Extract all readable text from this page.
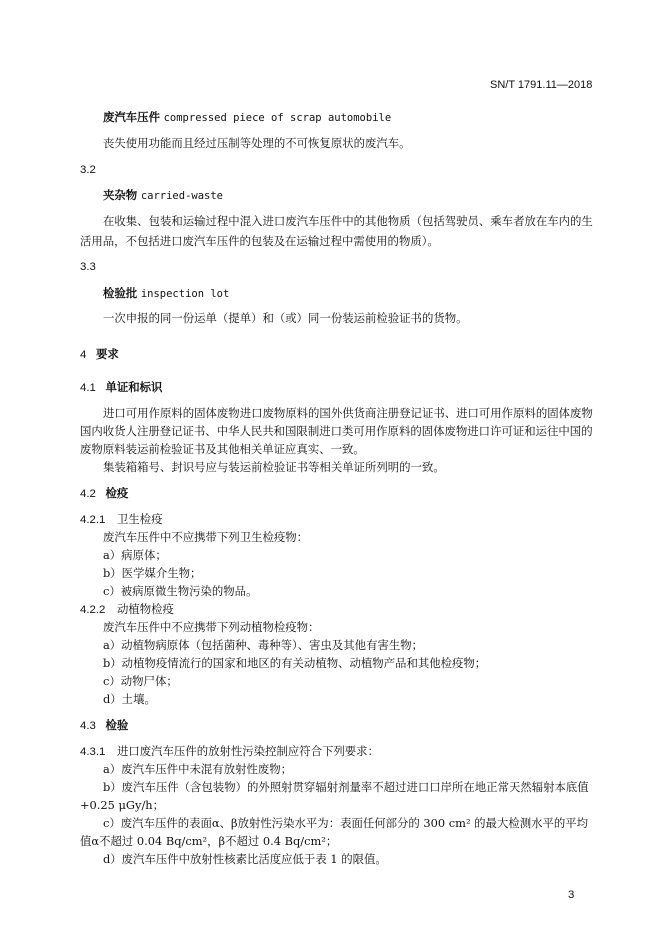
SN/T 1791.11—2018
废汽车压件 compressed piece of scrap automobile
丧失使用功能而且经过压制等处理的不可恢复原状的废汽车。
3.2
夹杂物 carried-waste
在收集、包装和运输过程中混入进口废汽车压件中的其他物质（包括驾驶员、乘车者放在车内的生
活用品，不包括进口废汽车压件的包装及在运输过程中需使用的物质）。
3.3
检验批 inspection lot
一次申报的同一份运单（提单）和（或）同一份装运前检验证书的货物。
4 要求
4.1 单证和标识
进口可用作原料的固体废物进口废物原料的国外供货商注册登记证书、进口可用作原料的固体废物
国内收货人注册登记证书、中华人民共和国限制进口类可用作原料的固体废物进口许可证和运往中国的
废物原料装运前检验证书及其他相关单证应真实、一致。
集装箱箱号、封识号应与装运前检验证书等相关单证所列明的一致。
4.2 检疫
4.2.1 卫生检疫
废汽车压件中不应携带下列卫生检疫物：
a）病原体；
b）医学媒介生物；
c）被病原微生物污染的物品。
4.2.2 动植物检疫
废汽车压件中不应携带下列动植物检疫物：
a）动植物病原体（包括菌种、毒种等）、害虫及其他有害生物；
b）动植物疫情流行的国家和地区的有关动植物、动植物产品和其他检疫物；
c）动物尸体；
d）土壤。
4.3 检验
4.3.1 进口废汽车压件的放射性污染控制应符合下列要求：
a）废汽车压件中未混有放射性废物；
b）废汽车压件（含包装物）的外照射贯穿辐射剂量率不超过进口口岸所在地正常天然辐射本底值
+0.25 μGy/h；
c）废汽车压件的表面α、β放射性污染水平为：表面任何部分的 300 cm² 的最大检测水平的平均
值α不超过 0.04 Bq/cm²，β不超过 0.4 Bq/cm²；
d）废汽车压件中放射性核素比活度应低于表 1 的限值。
3
